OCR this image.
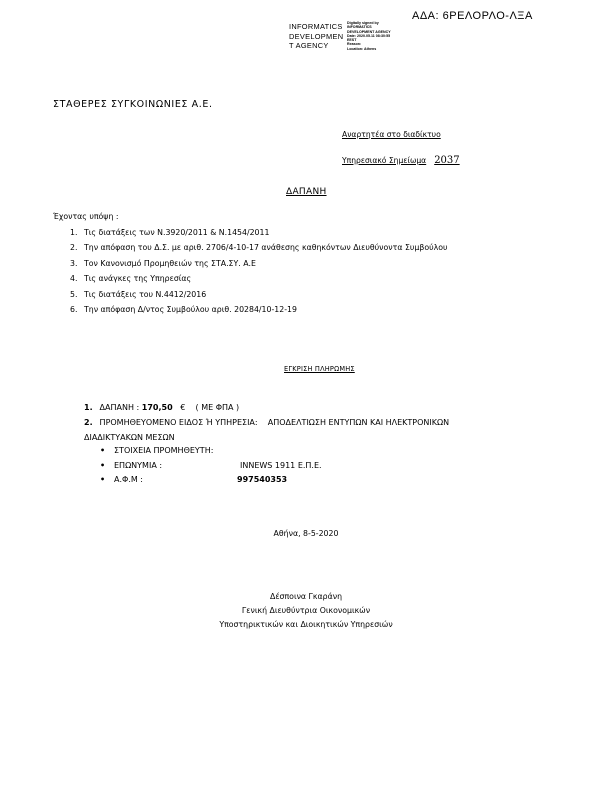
ΑΔΑ: 6ΡΕΛΟΡΛΟ-ΛΞΑ
INFORMATICS
DEVELOPMEN
T AGENCY
Digitally signed by
INFORMATICS
DEVELOPMENT AGENCY
Date: 2020.05.11 08:30:55
EEST
Reason:
Location: Athens
ΣΤΑΘΕΡΕΣ ΣΥΓΚΟΙΝΩΝΙΕΣ Α.Ε.
Αναρτητέα στο διαδίκτυο
Υπηρεσιακό Σημείωμα 2037
ΔΑΠΑΝΗ
Έχοντας υπόψη :
1. Τις διατάξεις των Ν.3920/2011 & Ν.1454/2011
2. Την απόφαση του Δ.Σ. με αριθ. 2706/4-10-17 ανάθεσης καθηκόντων Διευθύνοντα Συμβούλου
3. Τον Κανονισμό Προμηθειών της ΣΤΑ.ΣΥ. Α.Ε
4. Τις ανάγκες της Υπηρεσίας
5. Τις διατάξεις του Ν.4412/2016
6. Την απόφαση Δ/ντος Συμβούλου αριθ. 20284/10-12-19
ΕΓΚΡΙΣΗ ΠΛΗΡΩΜΗΣ
1. ΔΑΠΑΝΗ : 170,50 € ( ΜΕ ΦΠΑ )
2. ΠΡΟΜΗΘΕΥΟΜΕΝΟ ΕΙΔΟΣ Ή ΥΠΗΡΕΣΙΑ: ΑΠΟΔΕΛΤΙΩΣΗ ΕΝΤΥΠΩΝ ΚΑΙ ΗΛΕΚΤΡΟΝΙΚΩΝ
ΔΙΑΔΙΚΤΥΑΚΩΝ ΜΕΣΩΝ
• ΣΤΟΙΧΕΙΑ ΠΡΟΜΗΘΕΥΤΗ:
• ΕΠΩΝΥΜΙΑ :	INNEWS 1911 Ε.Π.Ε.
• Α.Φ.Μ :	997540353
Αθήνα, 8-5-2020
Δέσποινα Γκαράνη
Γενική Διευθύντρια Οικονομικών
Υποστηρικτικών και Διοικητικών Υπηρεσιών
